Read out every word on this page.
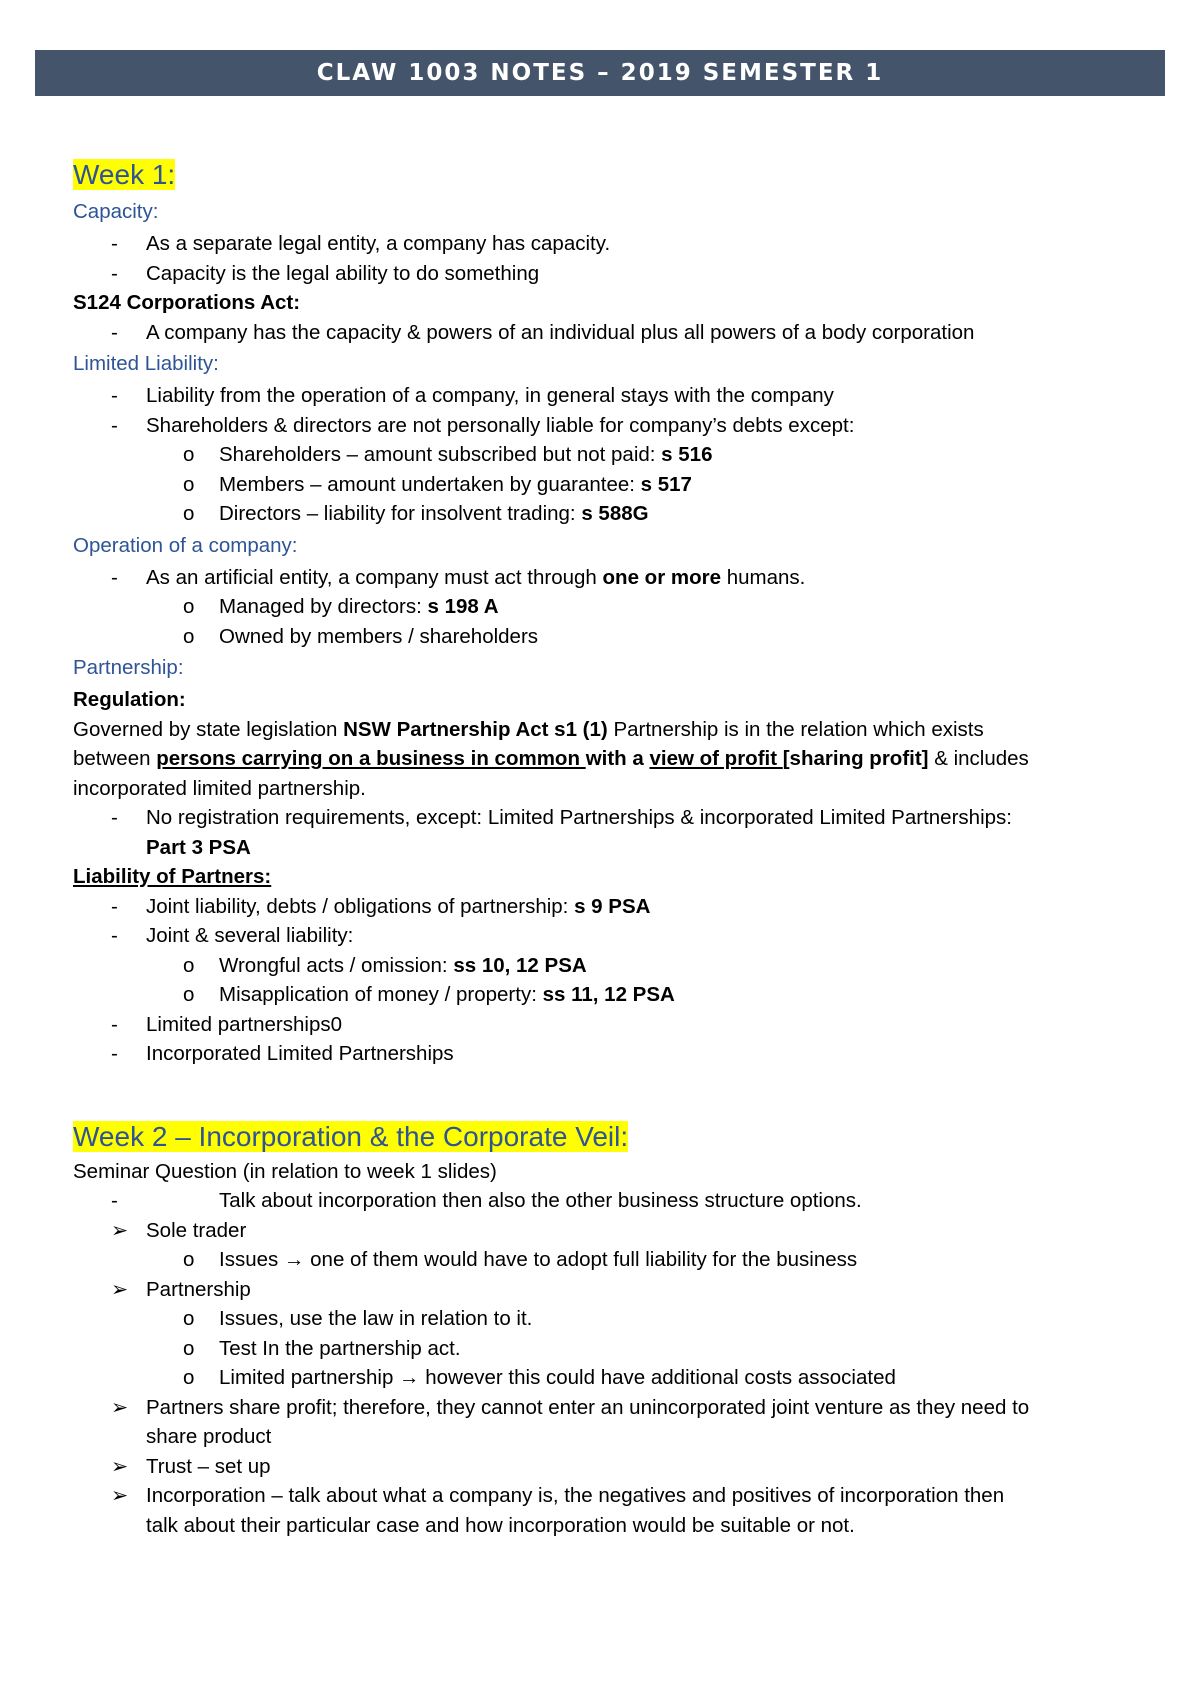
CLAW 1003 NOTES – 2019 SEMESTER 1
Week 1:
Capacity:
- As a separate legal entity, a company has capacity.
- Capacity is the legal ability to do something
S124 Corporations Act:
- A company has the capacity & powers of an individual plus all powers of a body corporation
Limited Liability:
- Liability from the operation of a company, in general stays with the company
- Shareholders & directors are not personally liable for company’s debts except:
o Shareholders – amount subscribed but not paid: s 516
o Members – amount undertaken by guarantee: s 517
o Directors – liability for insolvent trading: s 588G
Operation of a company:
- As an artificial entity, a company must act through one or more humans.
o Managed by directors: s 198 A
o Owned by members / shareholders
Partnership:
Regulation:
Governed by state legislation NSW Partnership Act s1 (1) Partnership is in the relation which exists
between persons carrying on a business in common with a view of profit [sharing profit] & includes
incorporated limited partnership.
- No registration requirements, except: Limited Partnerships & incorporated Limited Partnerships:
Part 3 PSA
Liability of Partners:
- Joint liability, debts / obligations of partnership: s 9 PSA
- Joint & several liability:
o Wrongful acts / omission: ss 10, 12 PSA
o Misapplication of money / property: ss 11, 12 PSA
- Limited partnerships0
- Incorporated Limited Partnerships
Week 2 – Incorporation & the Corporate Veil:
Seminar Question (in relation to week 1 slides)
-	Talk about incorporation then also the other business structure options.
➢ Sole trader
o Issues → one of them would have to adopt full liability for the business
➢ Partnership
o Issues, use the law in relation to it.
o Test In the partnership act.
o Limited partnership → however this could have additional costs associated
➢ Partners share profit; therefore, they cannot enter an unincorporated joint venture as they need to
share product
➢ Trust – set up
➢ Incorporation – talk about what a company is, the negatives and positives of incorporation then
talk about their particular case and how incorporation would be suitable or not.
